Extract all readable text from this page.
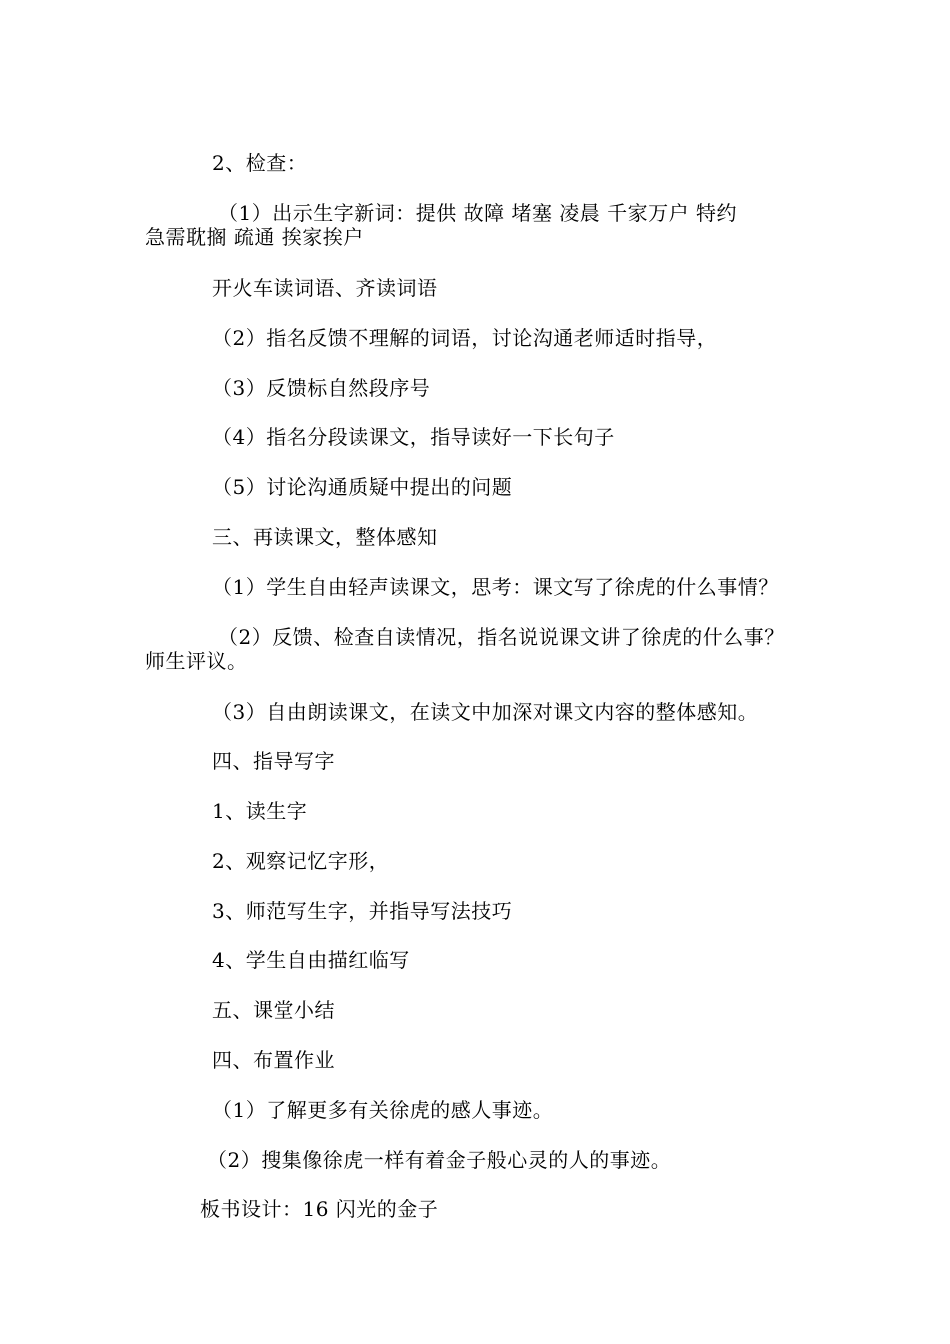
2、检查：
（1）出示生字新词：提供 故障 堵塞 凌晨 千家万户 特约
急需耽搁 疏通 挨家挨户
开火车读词语、齐读词语
（2）指名反馈不理解的词语，讨论沟通老师适时指导，
（3）反馈标自然段序号
（4）指名分段读课文，指导读好一下长句子
（5）讨论沟通质疑中提出的问题
三、再读课文，整体感知
（1）学生自由轻声读课文，思考：课文写了徐虎的什么事情？
（2）反馈、检查自读情况，指名说说课文讲了徐虎的什么事？
师生评议。
（3）自由朗读课文，在读文中加深对课文内容的整体感知。
四、指导写字
1、读生字
2、观察记忆字形，
3、师范写生字，并指导写法技巧
4、学生自由描红临写
五、课堂小结
四、布置作业
（1）了解更多有关徐虎的感人事迹。
（2）搜集像徐虎一样有着金子般心灵的人的事迹。
板书设计：16 闪光的金子
